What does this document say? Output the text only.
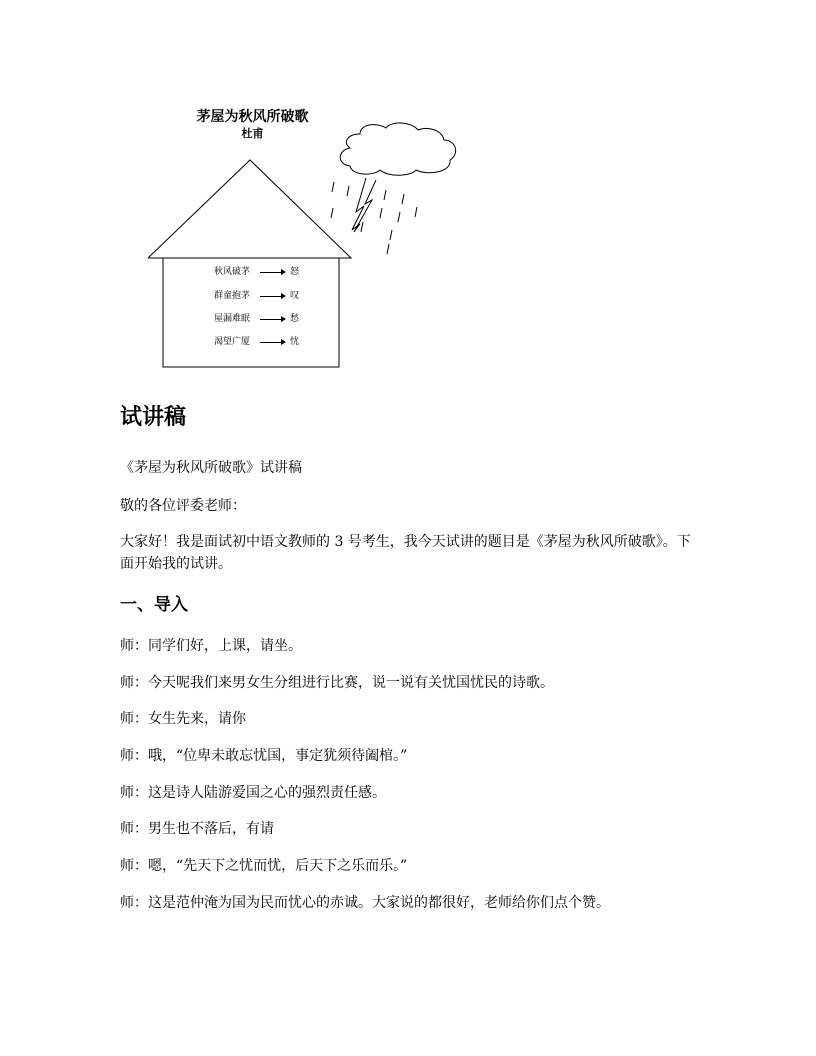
茅屋为秋风所破歌
杜甫
秋风破茅	怒
群童抱茅	叹
屋漏难眠	愁
渴望广厦	忧
试讲稿

《茅屋为秋风所破歌》试讲稿

敬的各位评委老师：

大家好！我是面试初中语文教师的 3 号考生，我今天试讲的题目是《茅屋为秋风所破歌》。下面开始我的试讲。

一、导入

师：同学们好，上课，请坐。

师：今天呢我们来男女生分组进行比赛，说一说有关忧国忧民的诗歌。

师：女生先来，请你

师：哦，“位卑未敢忘忧国，事定犹须待阖棺。”

师：这是诗人陆游爱国之心的强烈责任感。

师：男生也不落后，有请

师：嗯，“先天下之忧而忧，后天下之乐而乐。”

师：这是范仲淹为国为民而忧心的赤诚。大家说的都很好，老师给你们点个赞。
